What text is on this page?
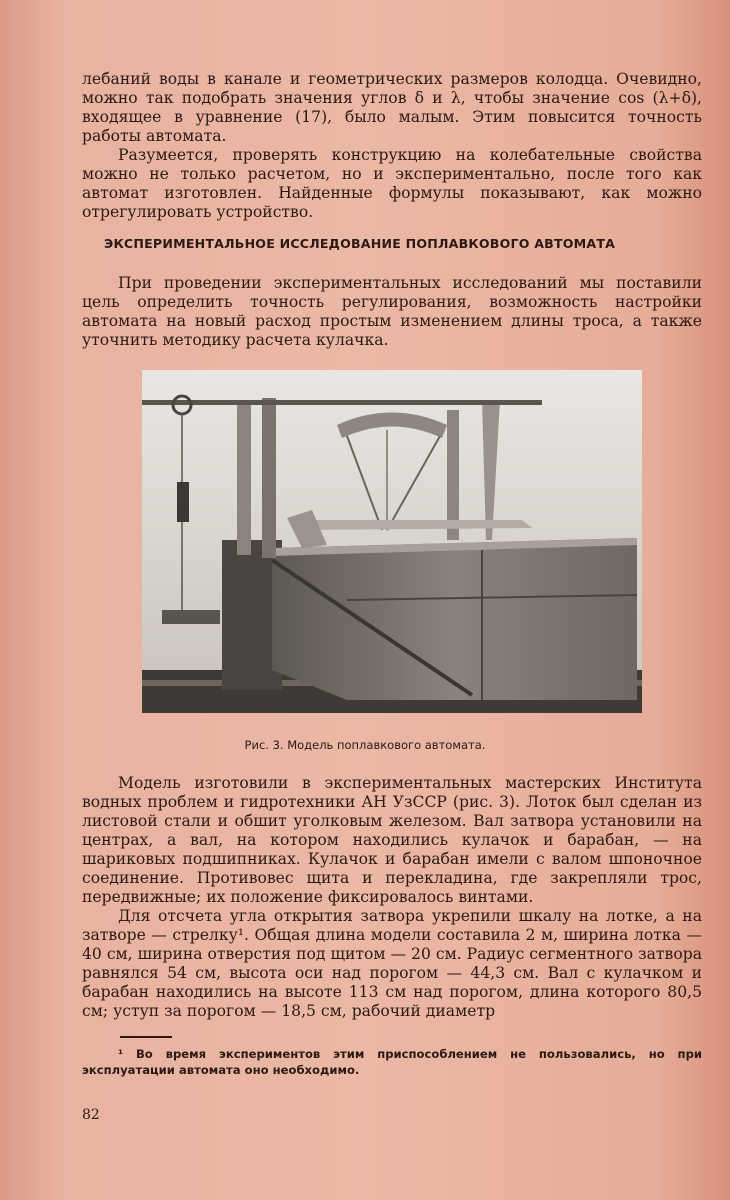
лебаний воды в канале и геометрических размеров колодца. Очевидно, можно так подобрать значения углов δ и λ, чтобы значение cos (λ+δ), входящее в уравнение (17), было малым. Этим повысится точность работы автомата.

Разумеется, проверять конструкцию на колебательные свойства можно не только расчетом, но и экспериментально, после того как автомат изготовлен. Найденные формулы показывают, как можно отрегулировать устройство.

ЭКСПЕРИМЕНТАЛЬНОЕ ИССЛЕДОВАНИЕ ПОПЛАВКОВОГО АВТОМАТА

При проведении экспериментальных исследований мы поставили цель определить точность регулирования, возможность настройки автомата на новый расход простым изменением длины троса, а также уточнить методику расчета кулачка.

Рис. 3. Модель поплавкового автомата.

Модель изготовили в экспериментальных мастерских Института водных проблем и гидротехники АН УзССР (рис. 3). Лоток был сделан из листовой стали и обшит уголковым железом. Вал затвора установили на центрах, а вал, на котором находились кулачок и барабан, — на шариковых подшипниках. Кулачок и барабан имели с валом шпоночное соединение. Противовес щита и перекладина, где закрепляли трос, передвижные; их положение фиксировалось винтами.

Для отсчета угла открытия затвора укрепили шкалу на лотке, а на затворе — стрелку¹. Общая длина модели составила 2 м, ширина лотка — 40 см, ширина отверстия под щитом — 20 см. Радиус сегментного затвора равнялся 54 см, высота оси над порогом — 44,3 см. Вал с кулачком и барабан находились на высоте 113 см над порогом, длина которого 80,5 см; уступ за порогом — 18,5 см, рабочий диаметр

¹ Во время экспериментов этим приспособлением не пользовались, но при эксплуатации автомата оно необходимо.
82
